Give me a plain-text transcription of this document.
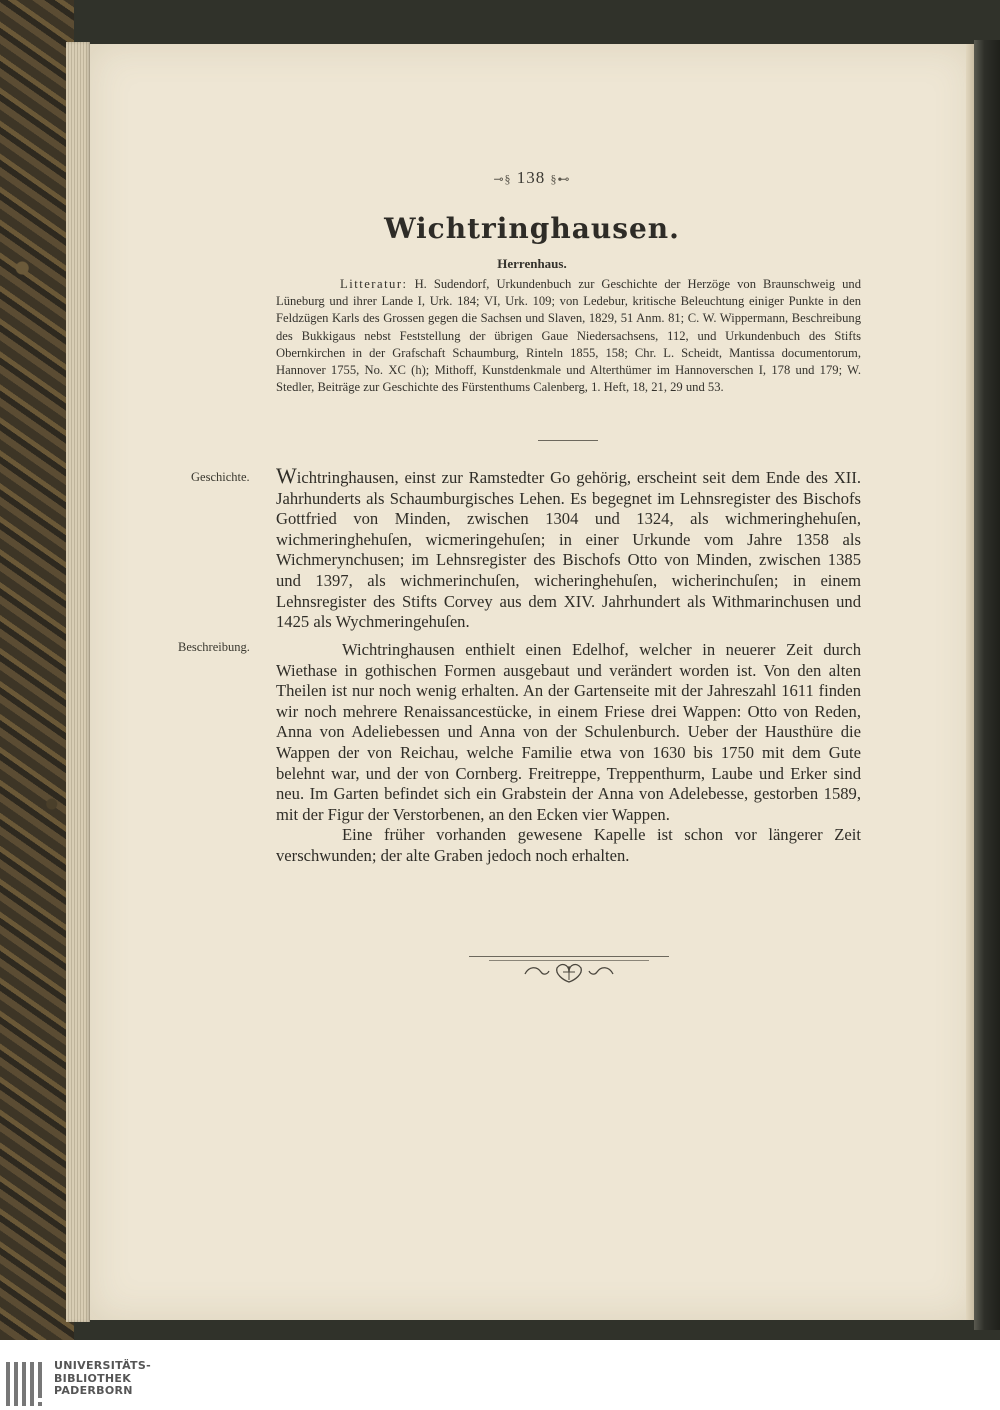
⊸§ 138 §⊷
Wichtringhausen.
Herrenhaus.

Litteratur: H. Sudendorf, Urkundenbuch zur Geschichte der Herzöge von Braunschweig und Lüneburg und ihrer Lande I, Urk. 184; VI, Urk. 109; von Ledebur, kritische Beleuchtung einiger Punkte in den Feldzügen Karls des Grossen gegen die Sachsen und Slaven, 1829, 51 Anm. 81; C. W. Wippermann, Beschreibung des Bukkigaus nebst Feststellung der übrigen Gaue Niedersachsens, 112, und Urkundenbuch des Stifts Obernkirchen in der Grafschaft Schaumburg, Rinteln 1855, 158; Chr. L. Scheidt, Mantissa documentorum, Hannover 1755, No. XC (h); Mithoff, Kunstdenkmale und Alterthümer im Hannoverschen I, 178 und 179; W. Stedler, Beiträge zur Geschichte des Fürstenthums Calenberg, 1. Heft, 18, 21, 29 und 53.

Geschichte. Wichtringhausen, einst zur Ramstedter Go gehörig, erscheint seit dem Ende des XII. Jahrhunderts als Schaumburgisches Lehen. Es begegnet im Lehnsregister des Bischofs Gottfried von Minden, zwischen 1304 und 1324, als wichmeringhehuſen, wichmeringhehuſen, wicmeringehuſen; in einer Urkunde vom Jahre 1358 als Wichmerynchusen; im Lehnsregister des Bischofs Otto von Minden, zwischen 1385 und 1397, als wichmerinchuſen, wicheringhehuſen, wicherinchuſen; in einem Lehnsregister des Stifts Corvey aus dem XIV. Jahrhundert als Withmarinchusen und 1425 als Wychmeringehuſen.

Beschreibung.	Wichtringhausen enthielt einen Edelhof, welcher in neuerer Zeit durch Wiethase in gothischen Formen ausgebaut und verändert worden ist. Von den alten Theilen ist nur noch wenig erhalten. An der Gartenseite mit der Jahreszahl 1611 finden wir noch mehrere Renaissancestücke, in einem Friese drei Wappen: Otto von Reden, Anna von Adeliebessen und Anna von der Schulenburch. Ueber der Hausthüre die Wappen der von Reichau, welche Familie etwa von 1630 bis 1750 mit dem Gute belehnt war, und der von Cornberg. Freitreppe, Treppenthurm, Laube und Erker sind neu. Im Garten befindet sich ein Grabstein der Anna von Adelebesse, gestorben 1589, mit der Figur der Verstorbenen, an den Ecken vier Wappen.

Eine früher vorhanden gewesene Kapelle ist schon vor längerer Zeit verschwunden; der alte Graben jedoch noch erhalten.

UNIVERSITÄTS-
BIBLIOTHEK
PADERBORN
